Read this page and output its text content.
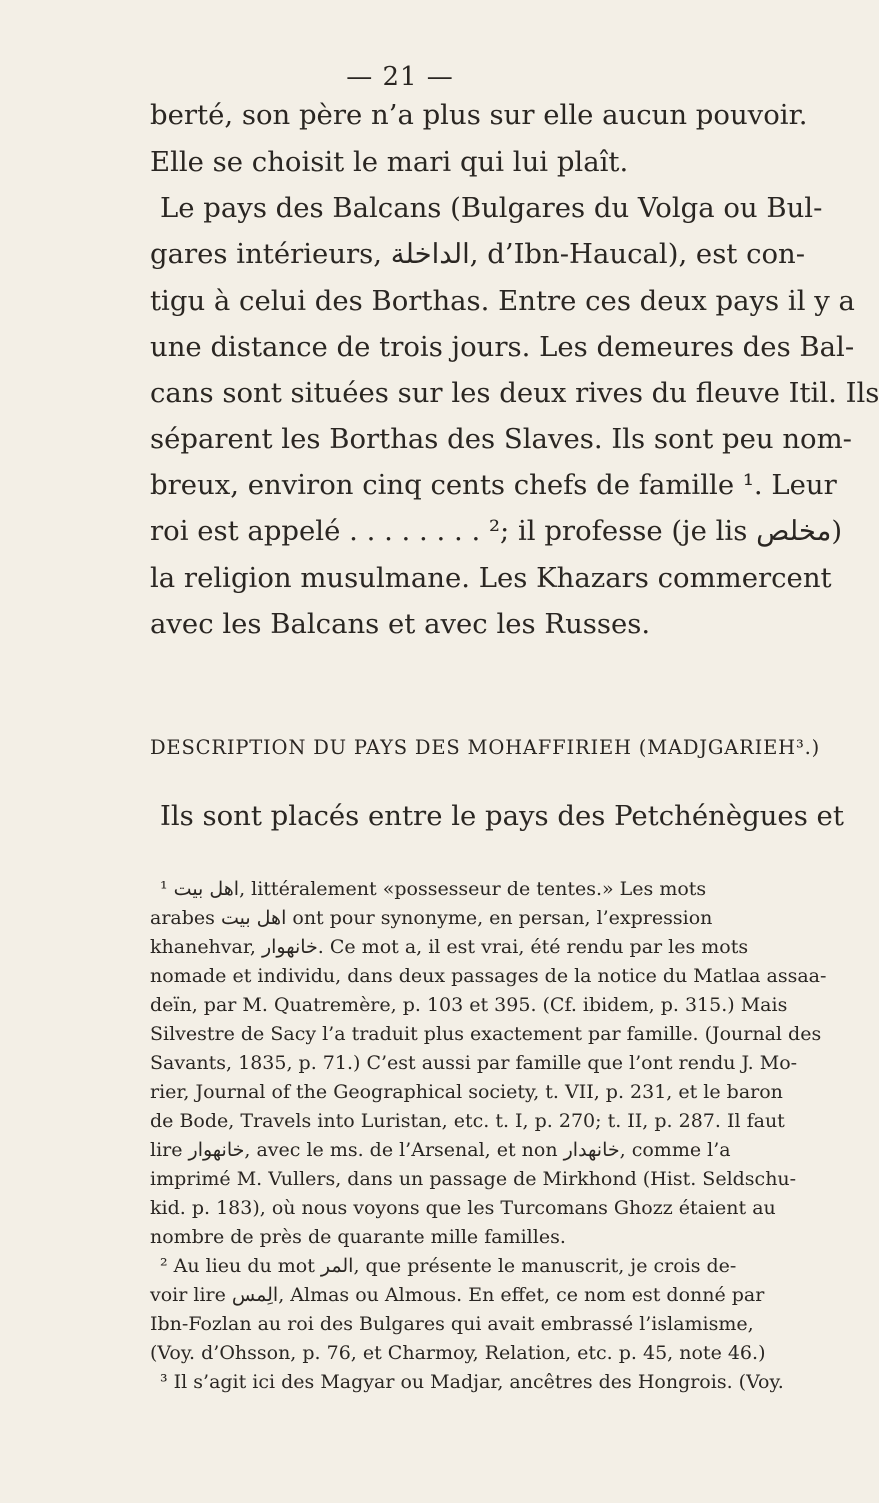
— 21 —
berté, son père n’a plus sur elle aucun pouvoir.
Elle se choisit le mari qui lui plaît.
Le pays des Balcans (Bulgares du Volga ou Bul-
gares intérieurs, الداخلة, d’Ibn-Haucal), est con-
tigu à celui des Borthas. Entre ces deux pays il y a
une distance de trois jours. Les demeures des Bal-
cans sont situées sur les deux rives du fleuve Itil. Ils
séparent les Borthas des Slaves. Ils sont peu nom-
breux, environ cinq cents chefs de famille ¹. Leur
roi est appelé . . . . . . . . ²; il professe (je lis مخلص)
la religion musulmane. Les Khazars commercent
avec les Balcans et avec les Russes.
DESCRIPTION DU PAYS DES MOHAFFIRIEH (MADJGARIEH³.)
Ils sont placés entre le pays des Petchénègues et
¹ اهل بيت, littéralement «possesseur de tentes.» Les mots
arabes اهل بيت ont pour synonyme, en persan, l’expression
khanehvar, خانهوار. Ce mot a, il est vrai, été rendu par les mots
nomade et individu, dans deux passages de la notice du Matlaa assaa-
deïn, par M. Quatremère, p. 103 et 395. (Cf. ibidem, p. 315.) Mais
Silvestre de Sacy l’a traduit plus exactement par famille. (Journal des
Savants, 1835, p. 71.) C’est aussi par famille que l’ont rendu J. Mo-
rier, Journal of the Geographical society, t. VII, p. 231, et le baron
de Bode, Travels into Luristan, etc. t. I, p. 270; t. II, p. 287. Il faut
lire خانهوار, avec le ms. de l’Arsenal, et non خانهدار, comme l’a
imprimé M. Vullers, dans un passage de Mirkhond (Hist. Seldschu-
kid. p. 183), où nous voyons que les Turcomans Ghozz étaient au
nombre de près de quarante mille familles.
² Au lieu du mot المر, que présente le manuscrit, je crois de-
voir lire الِمس, Almas ou Almous. En effet, ce nom est donné par
Ibn-Fozlan au roi des Bulgares qui avait embrassé l’islamisme,
(Voy. d’Ohsson, p. 76, et Charmoy, Relation, etc. p. 45, note 46.)
³ Il s’agit ici des Magyar ou Madjar, ancêtres des Hongrois. (Voy.
